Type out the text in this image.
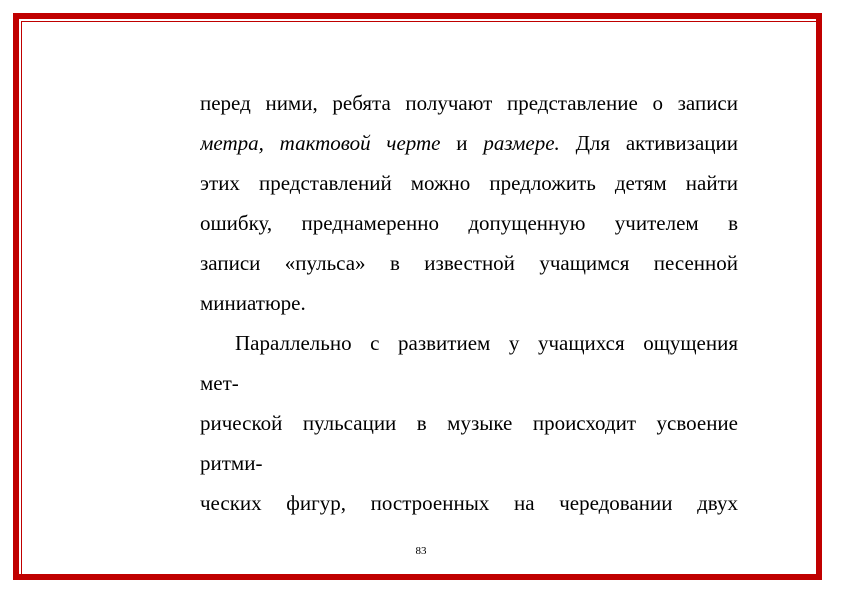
перед ними, ребята получают представление о записи
метра, тактовой черте и размере. Для активизации
этих представлений можно предложить детям найти
ошибку, преднамеренно допущенную учителем в
записи «пульса» в известной учащимся песенной
миниатюре.
Параллельно с развитием у учащихся ощущения
мет-
рической пульсации в музыке происходит усвоение
ритми-
ческих фигур, построенных на чередовании двух
83
